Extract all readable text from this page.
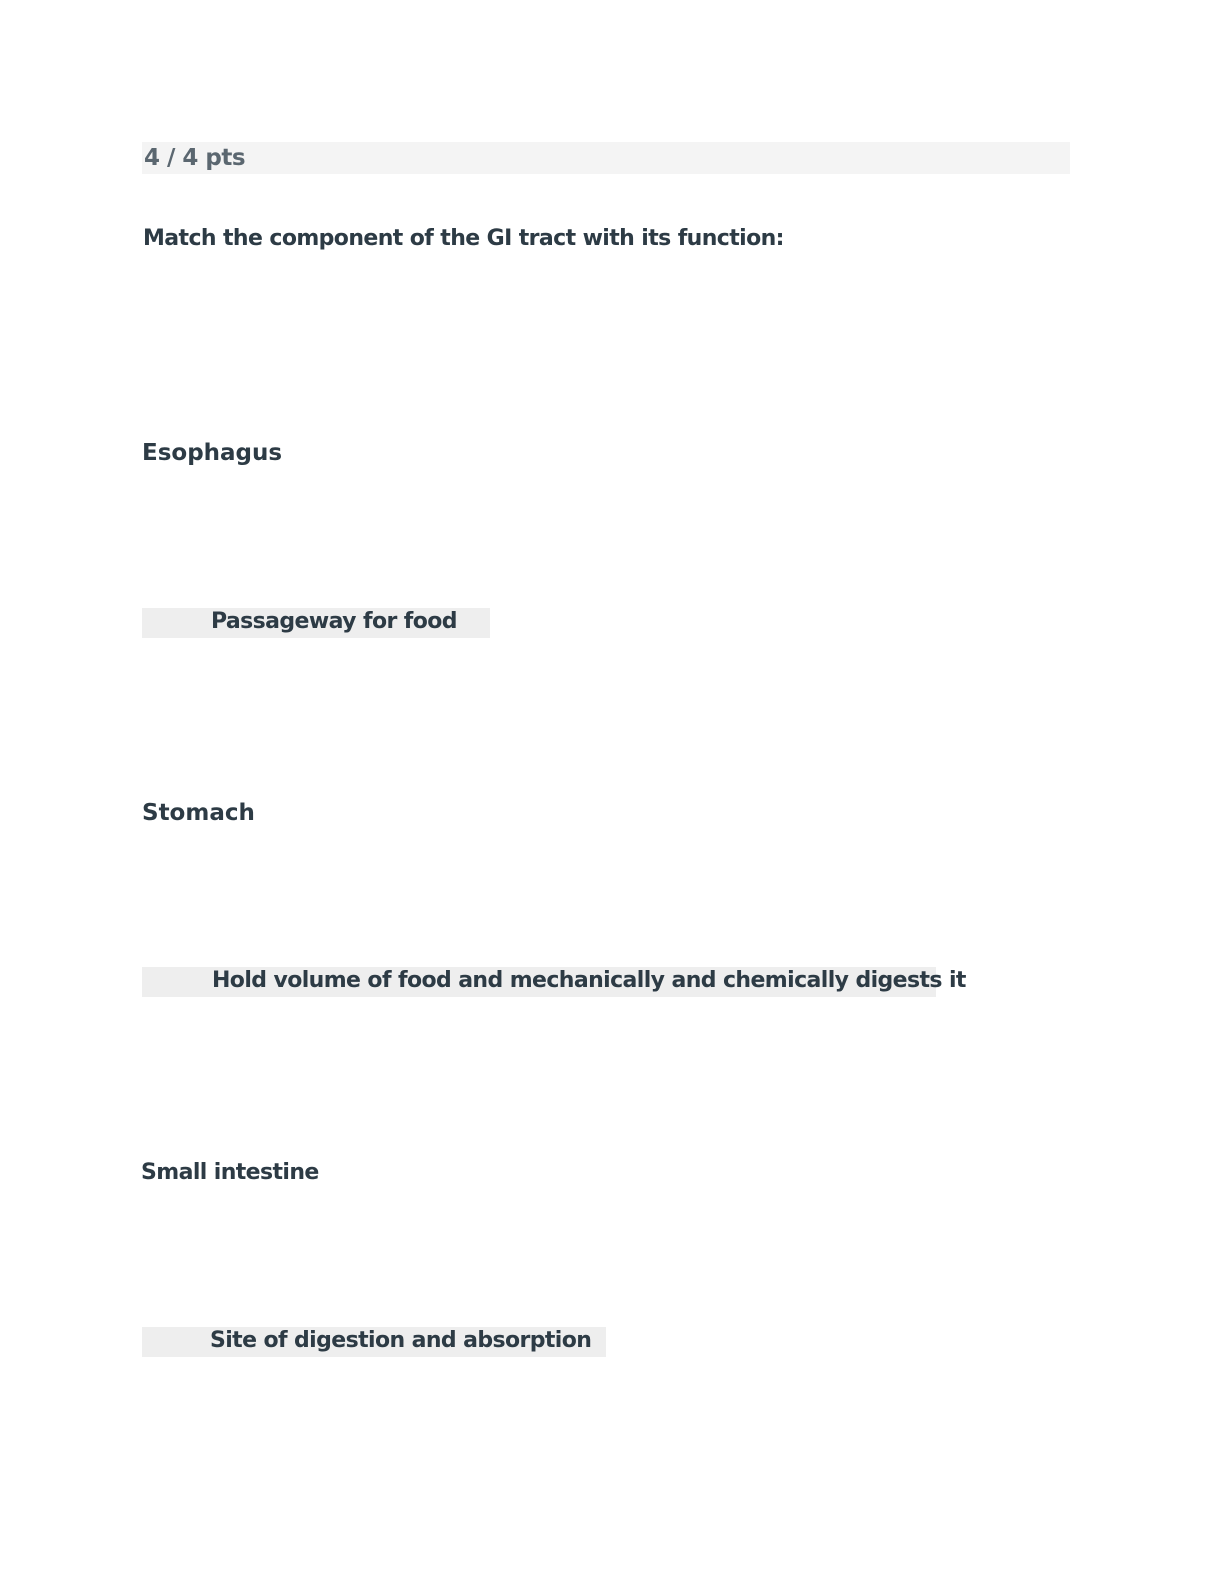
4 / 4 pts
Match the component of the GI tract with its function:
Esophagus
Passageway for food
Stomach
Hold volume of food and mechanically and chemically digests it
Small intestine
Site of digestion and absorption
